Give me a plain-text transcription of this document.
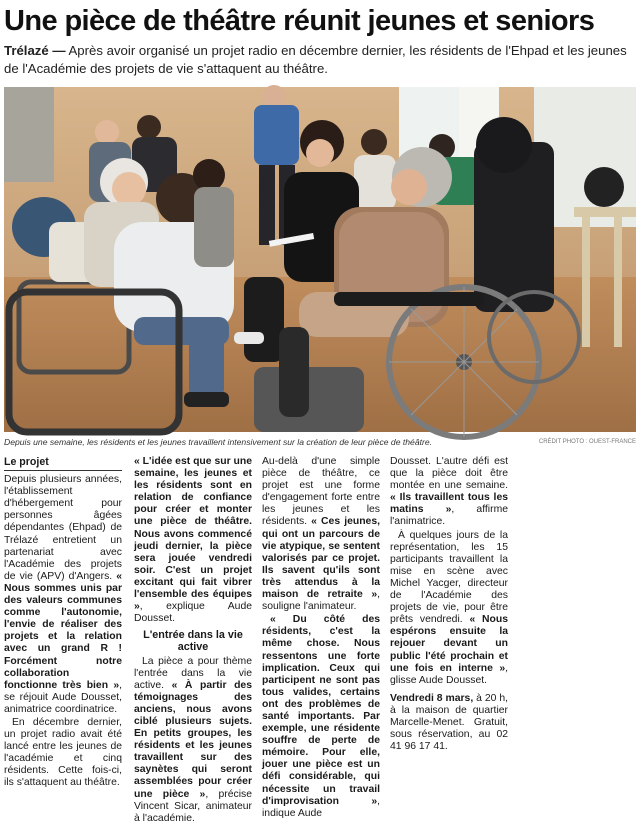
Une pièce de théâtre réunit jeunes et seniors
Trélazé — Après avoir organisé un projet radio en décembre dernier, les résidents de l'Ehpad et les jeunes de l'Académie des projets de vie s'attaquent au théâtre.
Depuis une semaine, les résidents et les jeunes travaillent intensivement sur la création de leur pièce de théâtre.	CRÉDIT PHOTO : OUEST-FRANCE
Le projet

Depuis plusieurs années, l'établissement d'hébergement pour personnes âgées dépendantes (Ehpad) de Trélazé entretient un partenariat avec l'Académie des projets de vie (APV) d'Angers. « Nous sommes unis par des valeurs communes comme l'autonomie, l'envie de réaliser des projets et la relation avec un grand R ! Forcément notre collaboration fonctionne très bien », se réjouit Aude Dousset, animatrice coordinatrice.

En décembre dernier, un projet radio avait été lancé entre les jeunes de l'académie et cinq résidents. Cette fois-ci, ils s'attaquent au théâtre.

« L'idée est que sur une semaine, les jeunes et les résidents sont en relation de confiance pour créer et monter une pièce de théâtre. Nous avons commencé jeudi dernier, la pièce sera jouée vendredi soir. C'est un projet excitant qui fait vibrer l'ensemble des équipes », explique Aude Dousset.

L'entrée dans la vie active

La pièce a pour thème l'entrée dans la vie active. « À partir des témoignages des anciens, nous avons ciblé plusieurs sujets. En petits groupes, les résidents et les jeunes travaillent sur des saynètes qui seront assemblées pour créer une pièce », précise Vincent Sicar, animateur à l'académie.

Au-delà d'une simple pièce de théâtre, ce projet est une forme d'engagement forte entre les jeunes et les résidents. « Ces jeunes, qui ont un parcours de vie atypique, se sentent valorisés par ce projet. Ils savent qu'ils sont très attendus à la maison de retraite », souligne l'animateur.

« Du côté des résidents, c'est la même chose. Nous ressentons une forte implication. Ceux qui participent ne sont pas tous valides, certains ont des problèmes de santé importants. Par exemple, une résidente souffre de perte de mémoire. Pour elle, jouer une pièce est un défi considérable, qui nécessite un travail d'improvisation », indique Aude

Dousset. L'autre défi est que la pièce doit être montée en une semaine. « Ils travaillent tous les matins », affirme l'animatrice.

À quelques jours de la représentation, les 15 participants travaillent la mise en scène avec Michel Yacger, directeur de l'Académie des projets de vie, pour être prêts vendredi. « Nous espérons ensuite la rejouer devant un public l'été prochain et une fois en interne », glisse Aude Dousset.

Vendredi 8 mars, à 20 h, à la maison de quartier Marcelle-Menet. Gratuit, sous réservation, au 02 41 96 17 41.
